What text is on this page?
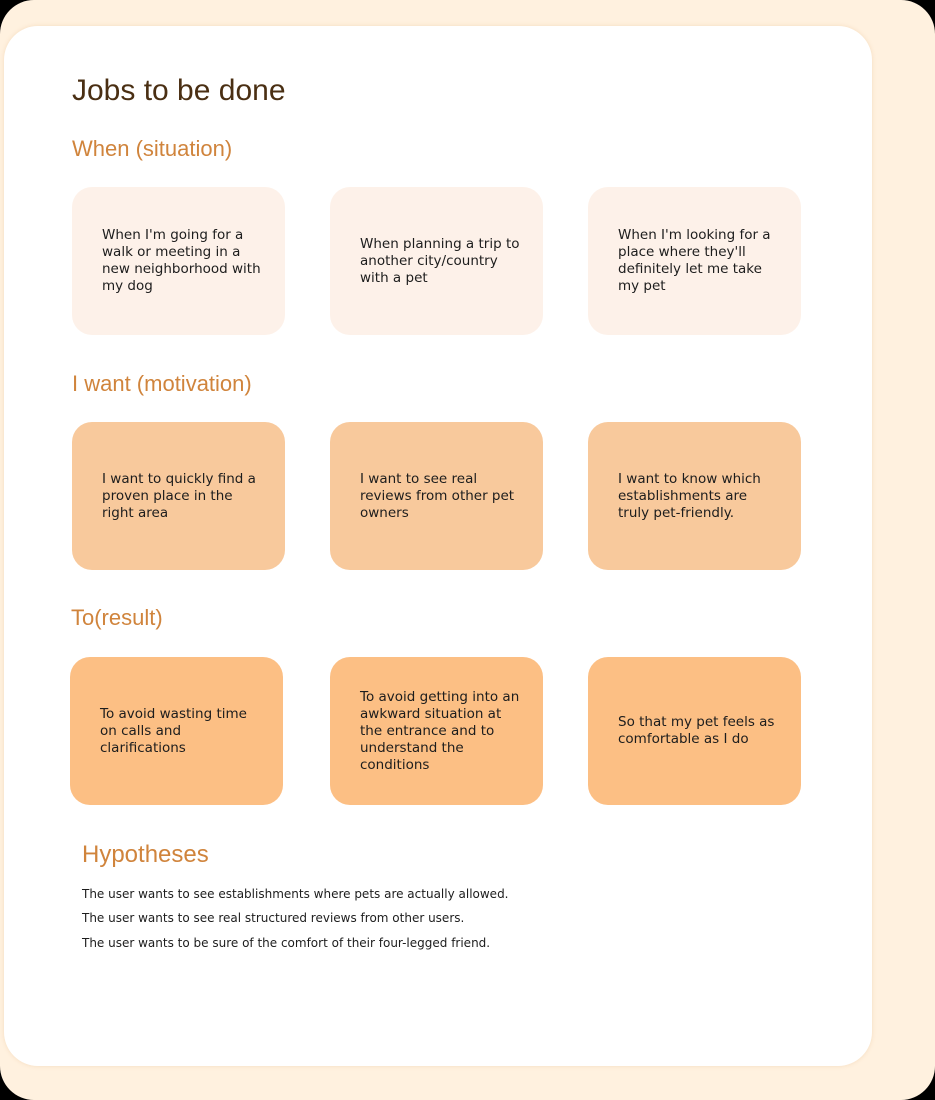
Jobs to be done
When (situation)
When I'm going for a walk or meeting in a new neighborhood with my dog
When planning a trip to another city/country with a pet
When I'm looking for a place where they'll definitely let me take my pet
I want (motivation)
I want to quickly find a proven place in the right area
I want to see real reviews from other pet owners
I want to know which establishments are truly pet-friendly.
To(result)
To avoid wasting time on calls and clarifications
To avoid getting into an awkward situation at the entrance and to understand the conditions
So that my pet feels as comfortable as I do
Hypotheses

The user wants to see establishments where pets are actually allowed.

The user wants to see real structured reviews from other users.

The user wants to be sure of the comfort of their four-legged friend.
